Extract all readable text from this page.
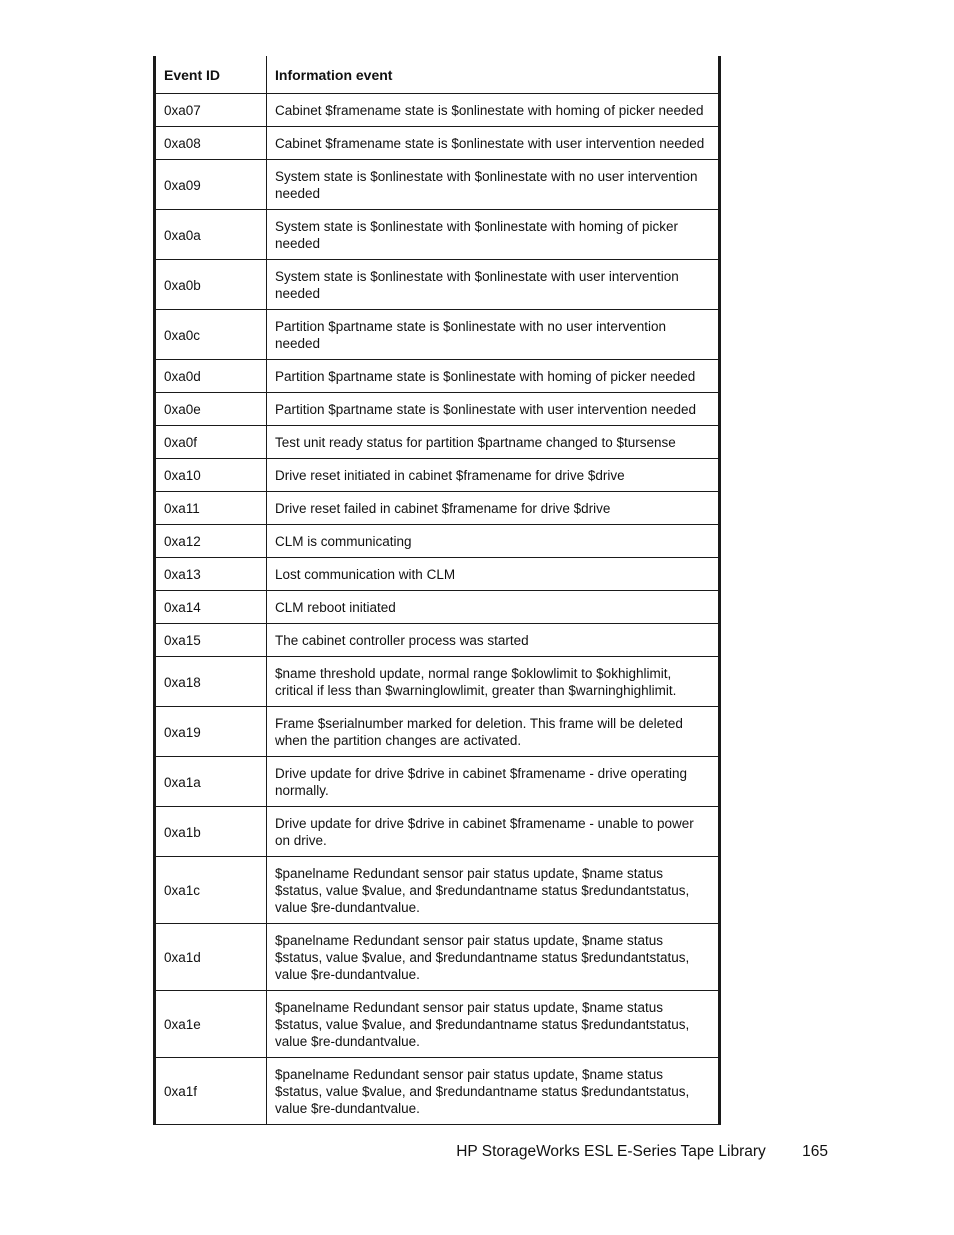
Event ID	Information event
0xa07	Cabinet $framename state is $onlinestate with homing of picker needed
0xa08	Cabinet $framename state is $onlinestate with user intervention needed
0xa09	System state is $onlinestate with $onlinestate with no user intervention needed
0xa0a	System state is $onlinestate with $onlinestate with homing of picker needed
0xa0b	System state is $onlinestate with $onlinestate with user intervention needed
0xa0c	Partition $partname state is $onlinestate with no user intervention needed
0xa0d	Partition $partname state is $onlinestate with homing of picker needed
0xa0e	Partition $partname state is $onlinestate with user intervention needed
0xa0f	Test unit ready status for partition $partname changed to $tursense
0xa10	Drive reset initiated in cabinet $framename for drive $drive
0xa11	Drive reset failed in cabinet $framename for drive $drive
0xa12	CLM is communicating
0xa13	Lost communication with CLM
0xa14	CLM reboot initiated
0xa15	The cabinet controller process was started
0xa18	$name threshold update, normal range $oklowlimit to $okhighlimit, critical if less than $warninglowlimit, greater than $warninghighlimit.
0xa19	Frame $serialnumber marked for deletion. This frame will be deleted when the partition changes are activated.
0xa1a	Drive update for drive $drive in cabinet $framename - drive operating normally.
0xa1b	Drive update for drive $drive in cabinet $framename - unable to power on drive.
0xa1c	$panelname Redundant sensor pair status update, $name status $status, value $value, and $redundantname status $redundantstatus, value $re-dundantvalue.
0xa1d	$panelname Redundant sensor pair status update, $name status $status, value $value, and $redundantname status $redundantstatus, value $re-dundantvalue.
0xa1e	$panelname Redundant sensor pair status update, $name status $status, value $value, and $redundantname status $redundantstatus, value $re-dundantvalue.
0xa1f	$panelname Redundant sensor pair status update, $name status $status, value $value, and $redundantname status $redundantstatus, value $re-dundantvalue.
HP StorageWorks ESL E-Series Tape Library 165
